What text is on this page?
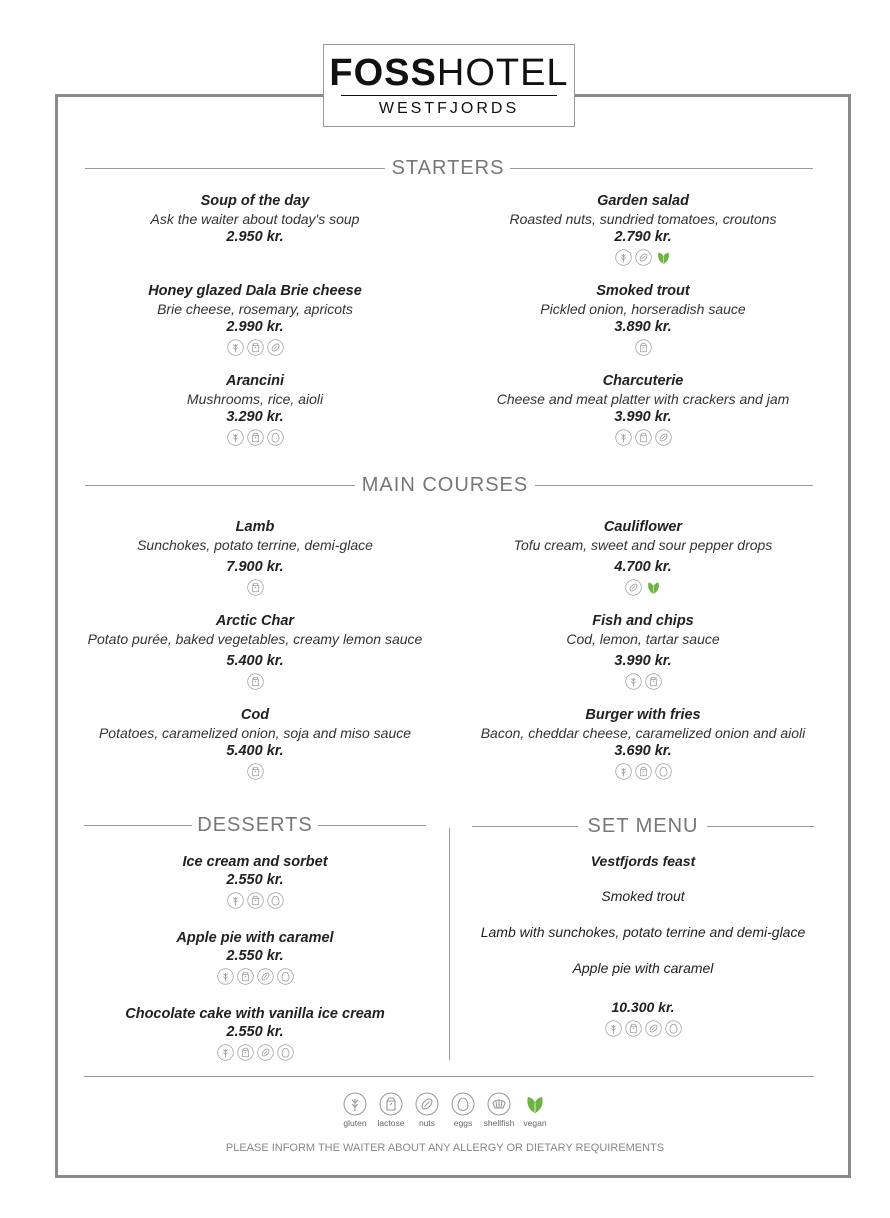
FOSSHOTEL
WESTFJORDS
STARTERS
MAIN COURSES
DESSERTS	SET MENU
Soup of the day
Ask the waiter about today's soup
2.950 kr.
Garden salad
Roasted nuts, sundried tomatoes, croutons
2.790 kr.
Honey glazed Dala Brie cheese
Brie cheese, rosemary, apricots
2.990 kr.
Smoked trout
Pickled onion, horseradish sauce
3.890 kr.
Arancini
Mushrooms, rice, aioli
3.290 kr.
Charcuterie
Cheese and meat platter with crackers and jam
3.990 kr.
Lamb
Sunchokes, potato terrine, demi-glace
7.900 kr.
Cauliflower
Tofu cream, sweet and sour pepper drops
4.700 kr.
Arctic Char
Potato purée, baked vegetables, creamy lemon sauce
5.400 kr.
Fish and chips
Cod, lemon, tartar sauce
3.990 kr.
Cod
Potatoes, caramelized onion, soja and miso sauce
5.400 kr.
Burger with fries
Bacon, cheddar cheese, caramelized onion and aioli
3.690 kr.
Ice cream and sorbet
2.550 kr.
Apple pie with caramel
2.550 kr.
Chocolate cake with vanilla ice cream
2.550 kr.
Vestfjords feast
Smoked trout
Lamb with sunchokes, potato terrine and demi-glace
Apple pie with caramel
10.300 kr.
gluten lactose nuts eggs shellfish vegan
PLEASE INFORM THE WAITER ABOUT ANY ALLERGY OR DIETARY REQUIREMENTS
